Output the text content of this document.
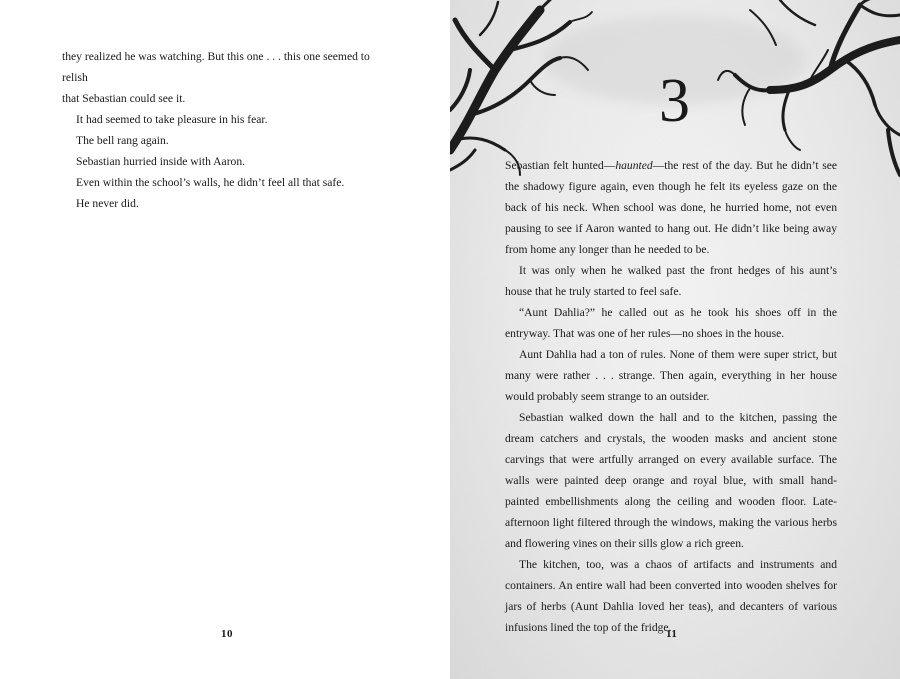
they realized he was watching. But this one . . . this one seemed to relish

that Sebastian could see it.

It had seemed to take pleasure in his fear.

The bell rang again.

Sebastian hurried inside with Aaron.

Even within the school’s walls, he didn’t feel all that safe.

He never did.

10
3

Sebastian felt hunted—haunted—the rest of the day. But he didn’t see the shadowy figure again, even though he felt its eyeless gaze on the back of his neck. When school was done, he hurried home, not even pausing to see if Aaron wanted to hang out. He didn’t like being away from home any longer than he needed to be.

It was only when he walked past the front hedges of his aunt’s house that he truly started to feel safe.

“Aunt Dahlia?” he called out as he took his shoes off in the entryway. That was one of her rules—no shoes in the house.

Aunt Dahlia had a ton of rules. None of them were super strict, but many were rather . . . strange. Then again, everything in her house would probably seem strange to an outsider.

Sebastian walked down the hall and to the kitchen, passing the dream catchers and crystals, the wooden masks and ancient stone carvings that were artfully arranged on every available surface. The walls were painted deep orange and royal blue, with small hand-painted embellishments along the ceiling and wooden floor. Late-afternoon light filtered through the windows, making the various herbs and flowering vines on their sills glow a rich green.

The kitchen, too, was a chaos of artifacts and instruments and containers. An entire wall had been converted into wooden shelves for jars of herbs (Aunt Dahlia loved her teas), and decanters of various infusions lined the top of the fridge.

11
